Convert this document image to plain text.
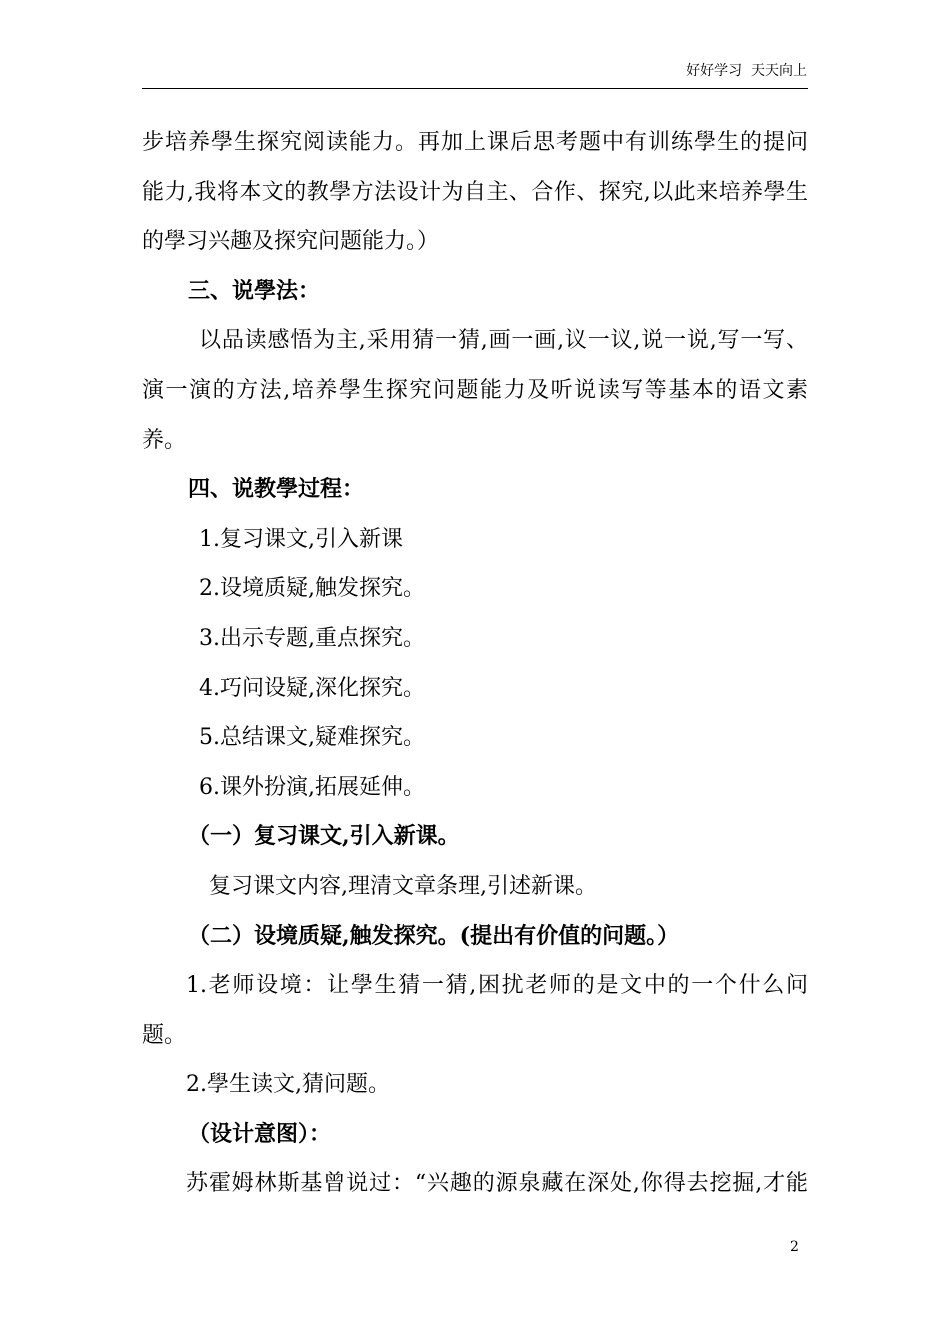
好好学习  天天向上
步培养學生探究阅读能力。再加上课后思考题中有训练學生的提问
能力,我将本文的教學方法设计为自主、合作、探究,以此来培养學生
的學习兴趣及探究问题能力。）
三、说學法：
以品读感悟为主,采用猜一猜,画一画,议一议,说一说,写一写、
演一演的方法,培养學生探究问题能力及听说读写等基本的语文素
养。
四、说教學过程：
1.复习课文,引入新课
2.设境质疑,触发探究。
3.出示专题,重点探究。
4.巧问设疑,深化探究。
5.总结课文,疑难探究。
6.课外扮演,拓展延伸。
（一）复习课文,引入新课。
复习课文内容,理清文章条理,引述新课。
（二）设境质疑,触发探究。(提出有价值的问题。）
1.老师设境：让學生猜一猜,困扰老师的是文中的一个什么问
题。
2.學生读文,猜问题。
（设计意图）：
苏霍姆林斯基曾说过：“兴趣的源泉藏在深处,你得去挖掘,才能
2
